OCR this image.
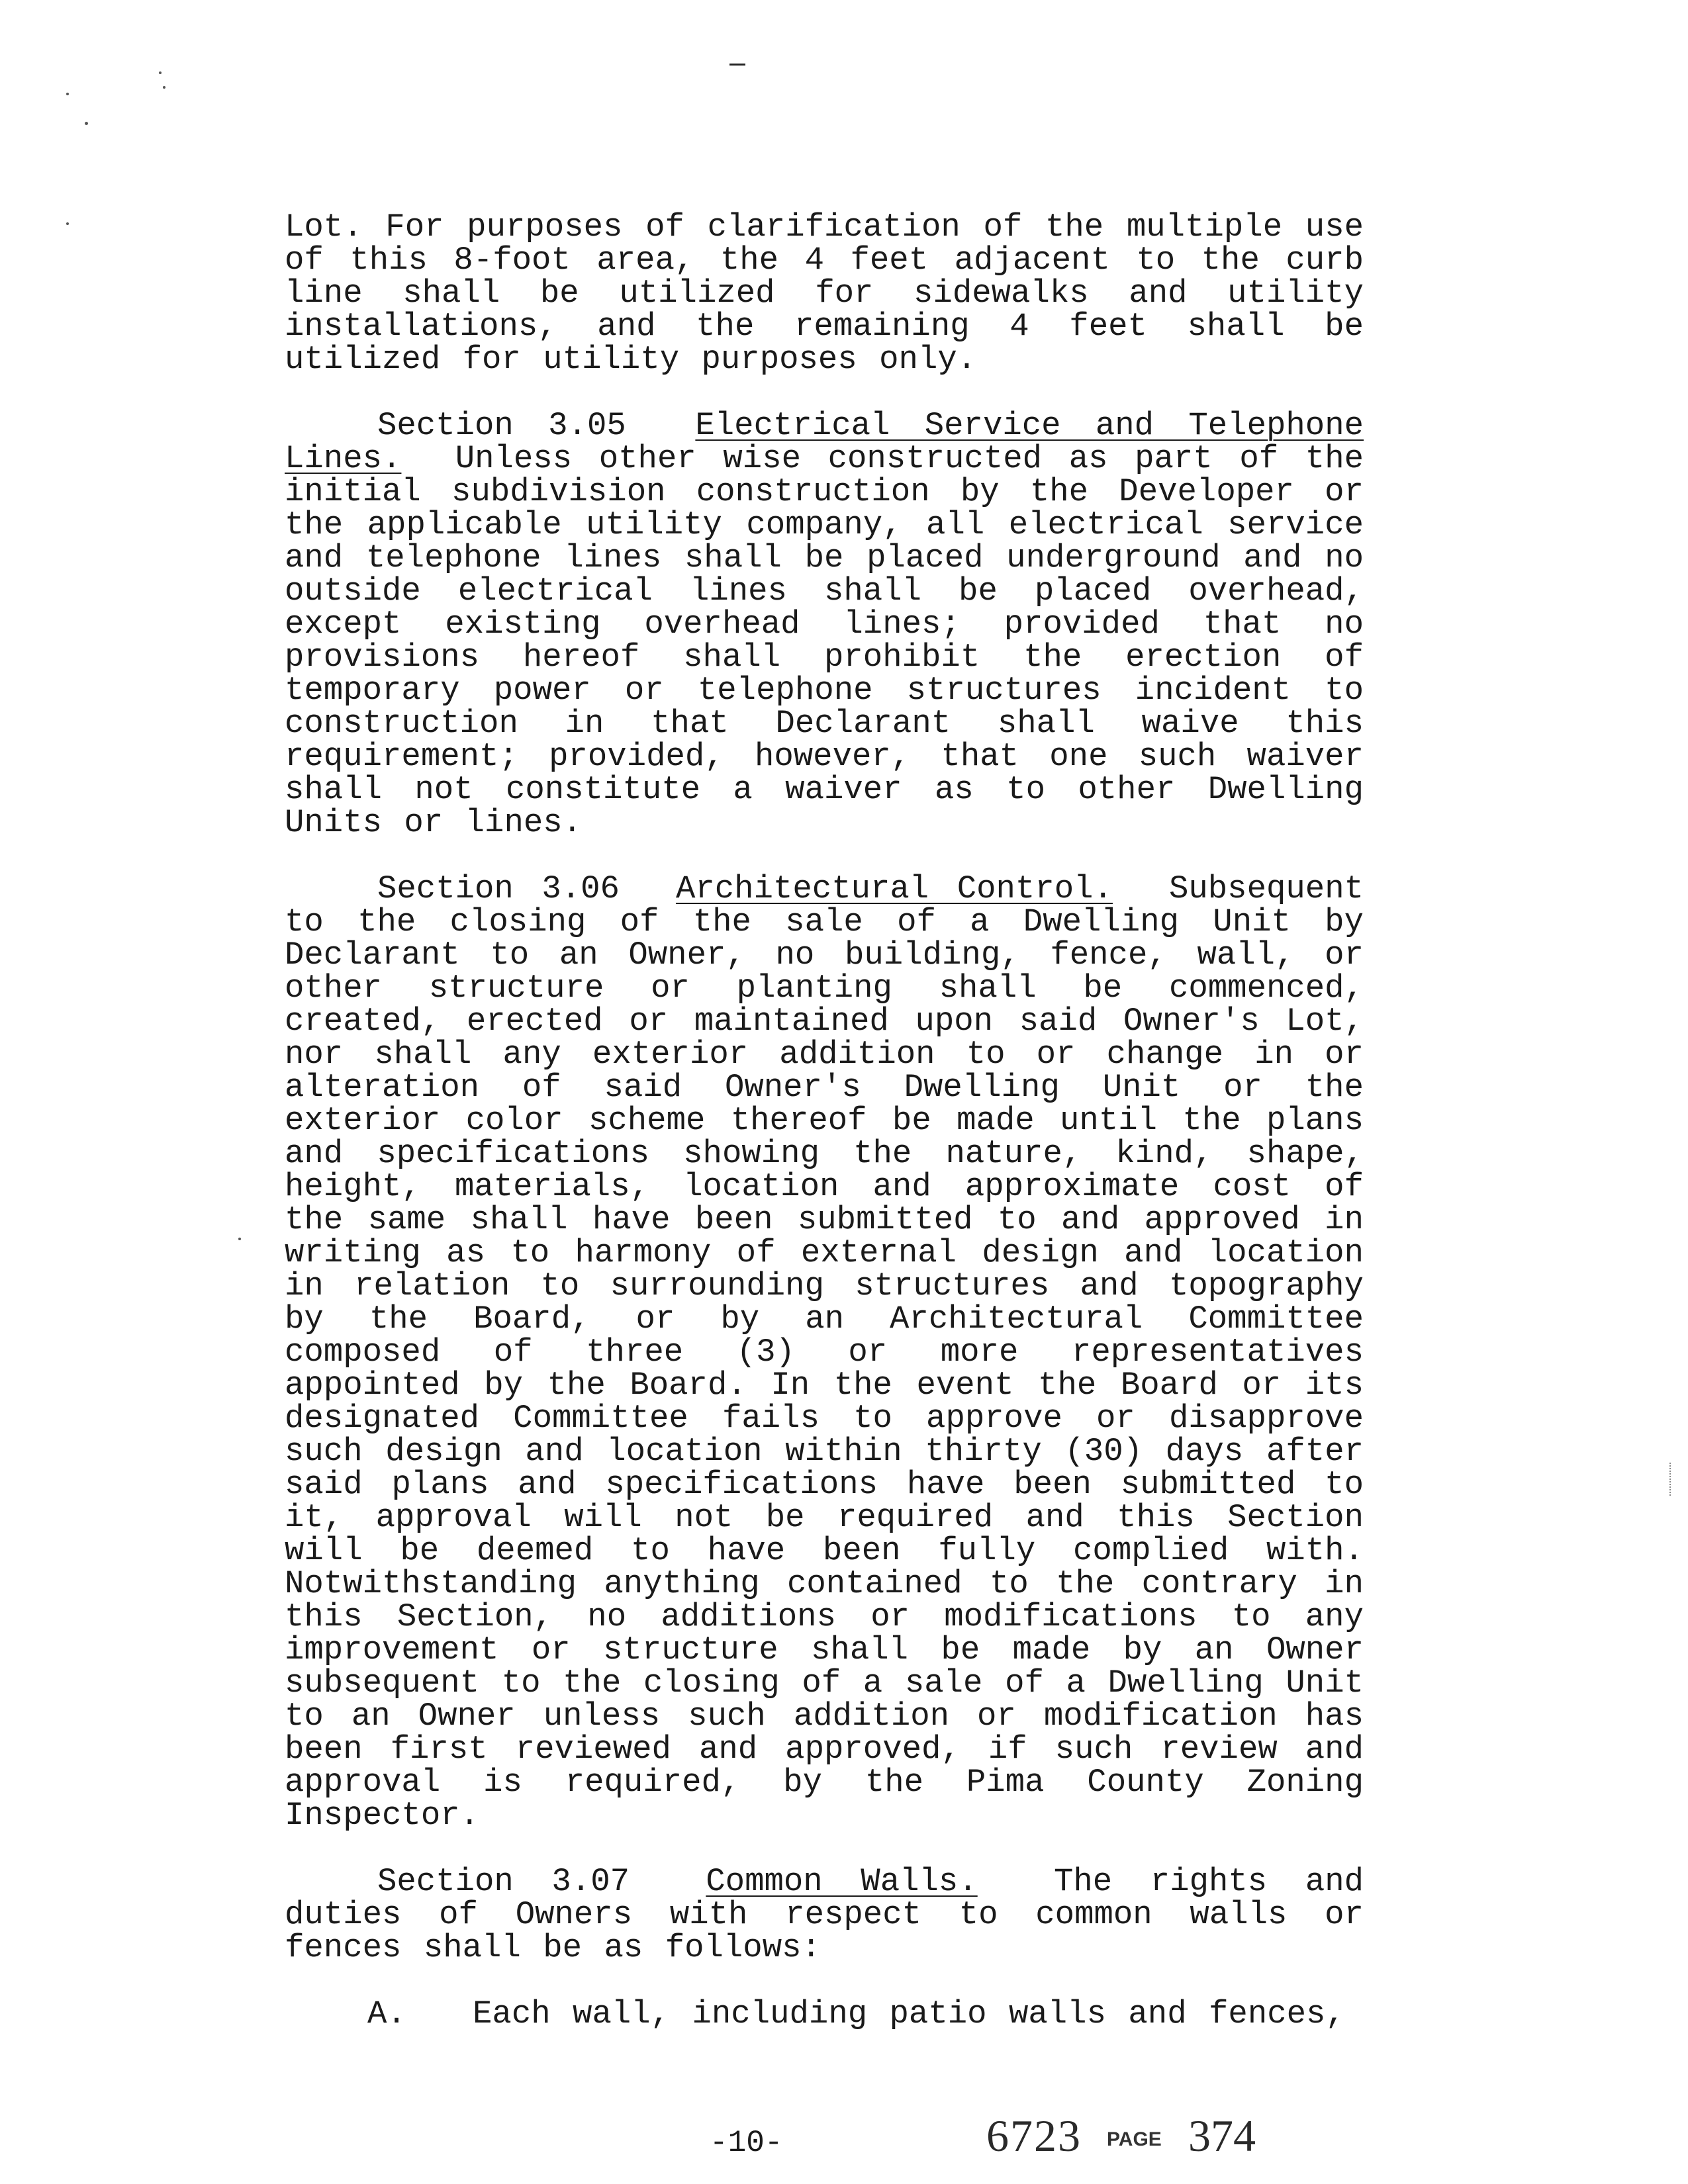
Lot. For purposes of clarification of the multiple use of this 8-foot area, the 4 feet adjacent to the curb line shall be utilized for sidewalks and utility installations, and the remaining 4 feet shall be utilized for utility purposes only.

Section 3.05 Electrical Service and Telephone Lines. Unless other wise constructed as part of the initial subdivision construction by the Developer or the applicable utility company, all electrical service and telephone lines shall be placed underground and no outside electrical lines shall be placed overhead, except existing overhead lines; provided that no provisions hereof shall prohibit the erection of temporary power or telephone structures incident to construction in that Declarant shall waive this requirement; provided, however, that one such waiver shall not constitute a waiver as to other Dwelling Units or lines.

Section 3.06 Architectural Control. Subsequent to the closing of the sale of a Dwelling Unit by Declarant to an Owner, no building, fence, wall, or other structure or planting shall be commenced, created, erected or maintained upon said Owner's Lot, nor shall any exterior addition to or change in or alteration of said Owner's Dwelling Unit or the exterior color scheme thereof be made until the plans and specifications showing the nature, kind, shape, height, materials, location and approximate cost of the same shall have been submitted to and approved in writing as to harmony of external design and location in relation to surrounding structures and topography by the Board, or by an Architectural Committee composed of three (3) or more representatives appointed by the Board. In the event the Board or its designated Committee fails to approve or disapprove such design and location within thirty (30) days after said plans and specifications have been submitted to it, approval will not be required and this Section will be deemed to have been fully complied with. Notwithstanding anything contained to the contrary in this Section, no additions or modifications to any improvement or structure shall be made by an Owner subsequent to the closing of a sale of a Dwelling Unit to an Owner unless such addition or modification has been first reviewed and approved, if such review and approval is required, by the Pima County Zoning Inspector.

Section 3.07 Common Walls. The rights and duties of Owners with respect to common walls or fences shall be as follows:

A. Each wall, including patio walls and fences,

-10-	6723 PAGE 374
